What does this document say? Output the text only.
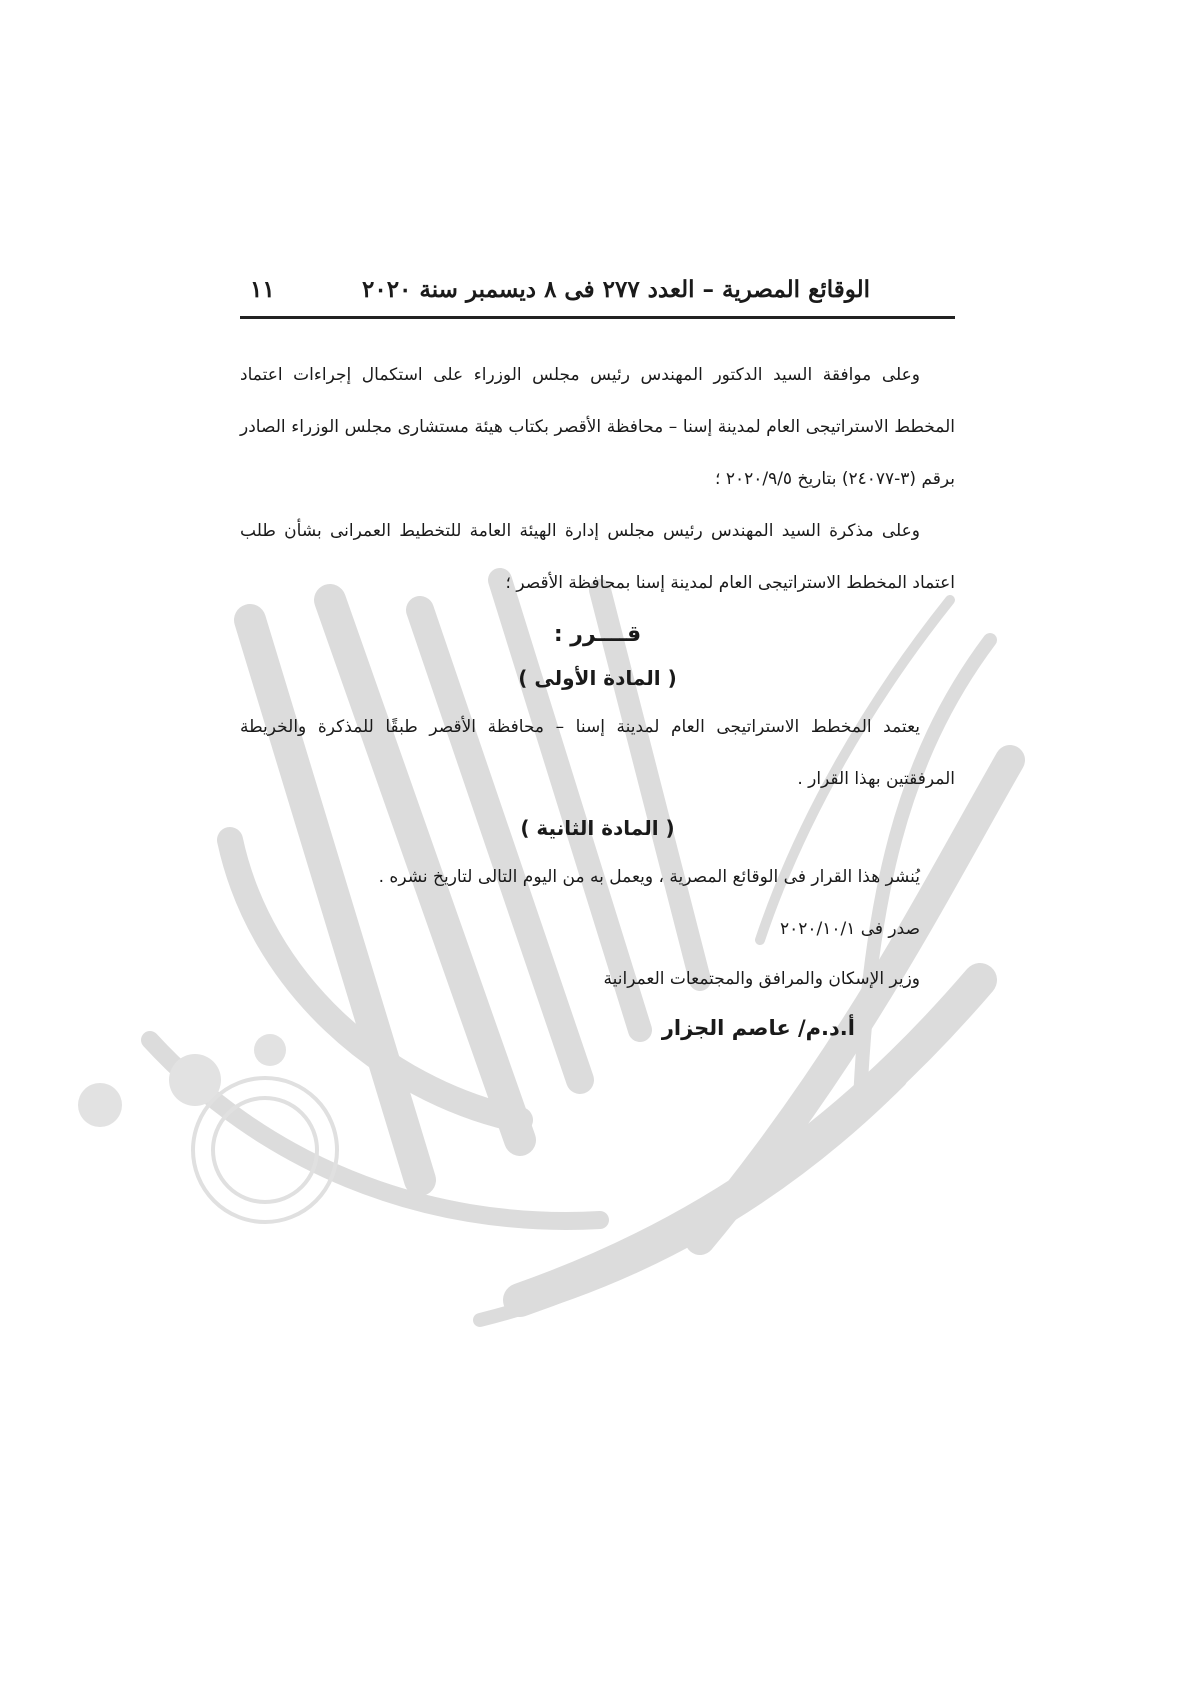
الوقائع المصرية – العدد ٢٧٧ فى ٨ ديسمبر سنة ٢٠٢٠
١١

وعلى موافقة السيد الدكتور المهندس رئيس مجلس الوزراء على استكمال إجراءات اعتماد المخطط الاستراتيجى العام لمدينة إسنا – محافظة الأقصر بكتاب هيئة مستشارى مجلس الوزراء الصادر برقم (٣-٢٤٠٧٧) بتاريخ ٢٠٢٠/٩/٥ ؛

وعلى مذكرة السيد المهندس رئيس مجلس إدارة الهيئة العامة للتخطيط العمرانى بشأن طلب اعتماد المخطط الاستراتيجى العام لمدينة إسنا بمحافظة الأقصر ؛

قــــرر :

( المادة الأولى )

يعتمد المخطط الاستراتيجى العام لمدينة إسنا – محافظة الأقصر طبقًا للمذكرة والخريطة المرفقتين بهذا القرار .

( المادة الثانية )

يُنشر هذا القرار فى الوقائع المصرية ، ويعمل به من اليوم التالى لتاريخ نشره .

صدر فى ٢٠٢٠/١٠/١

وزير الإسكان والمرافق والمجتمعات العمرانية

أ.د.م/ عاصم الجزار
